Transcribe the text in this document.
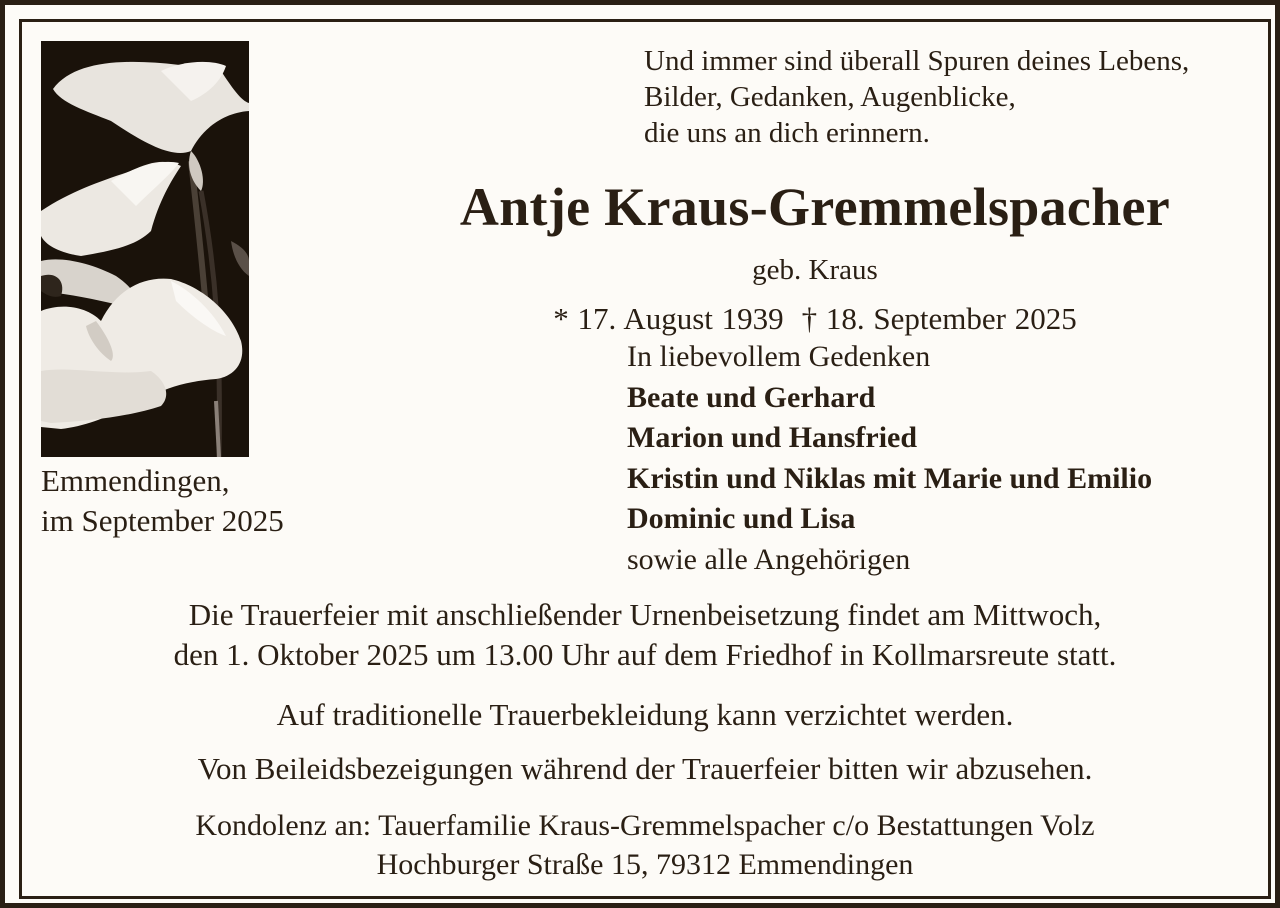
Und immer sind überall Spuren deines Lebens,
Bilder, Gedanken, Augenblicke,
die uns an dich erinnern.
Antje Kraus-Gremmelspacher
geb. Kraus
* 17. August 1939 † 18. September 2025
Emmendingen,
im September 2025
In liebevollem Gedenken
Beate und Gerhard
Marion und Hansfried
Kristin und Niklas mit Marie und Emilio
Dominic und Lisa
sowie alle Angehörigen
Die Trauerfeier mit anschließender Urnenbeisetzung findet am Mittwoch,
den 1. Oktober 2025 um 13.00 Uhr auf dem Friedhof in Kollmarsreute statt.
Auf traditionelle Trauerbekleidung kann verzichtet werden.
Von Beileidsbezeigungen während der Trauerfeier bitten wir abzusehen.
Kondolenz an: Tauerfamilie Kraus-Gremmelspacher c/o Bestattungen Volz
Hochburger Straße 15, 79312 Emmendingen
